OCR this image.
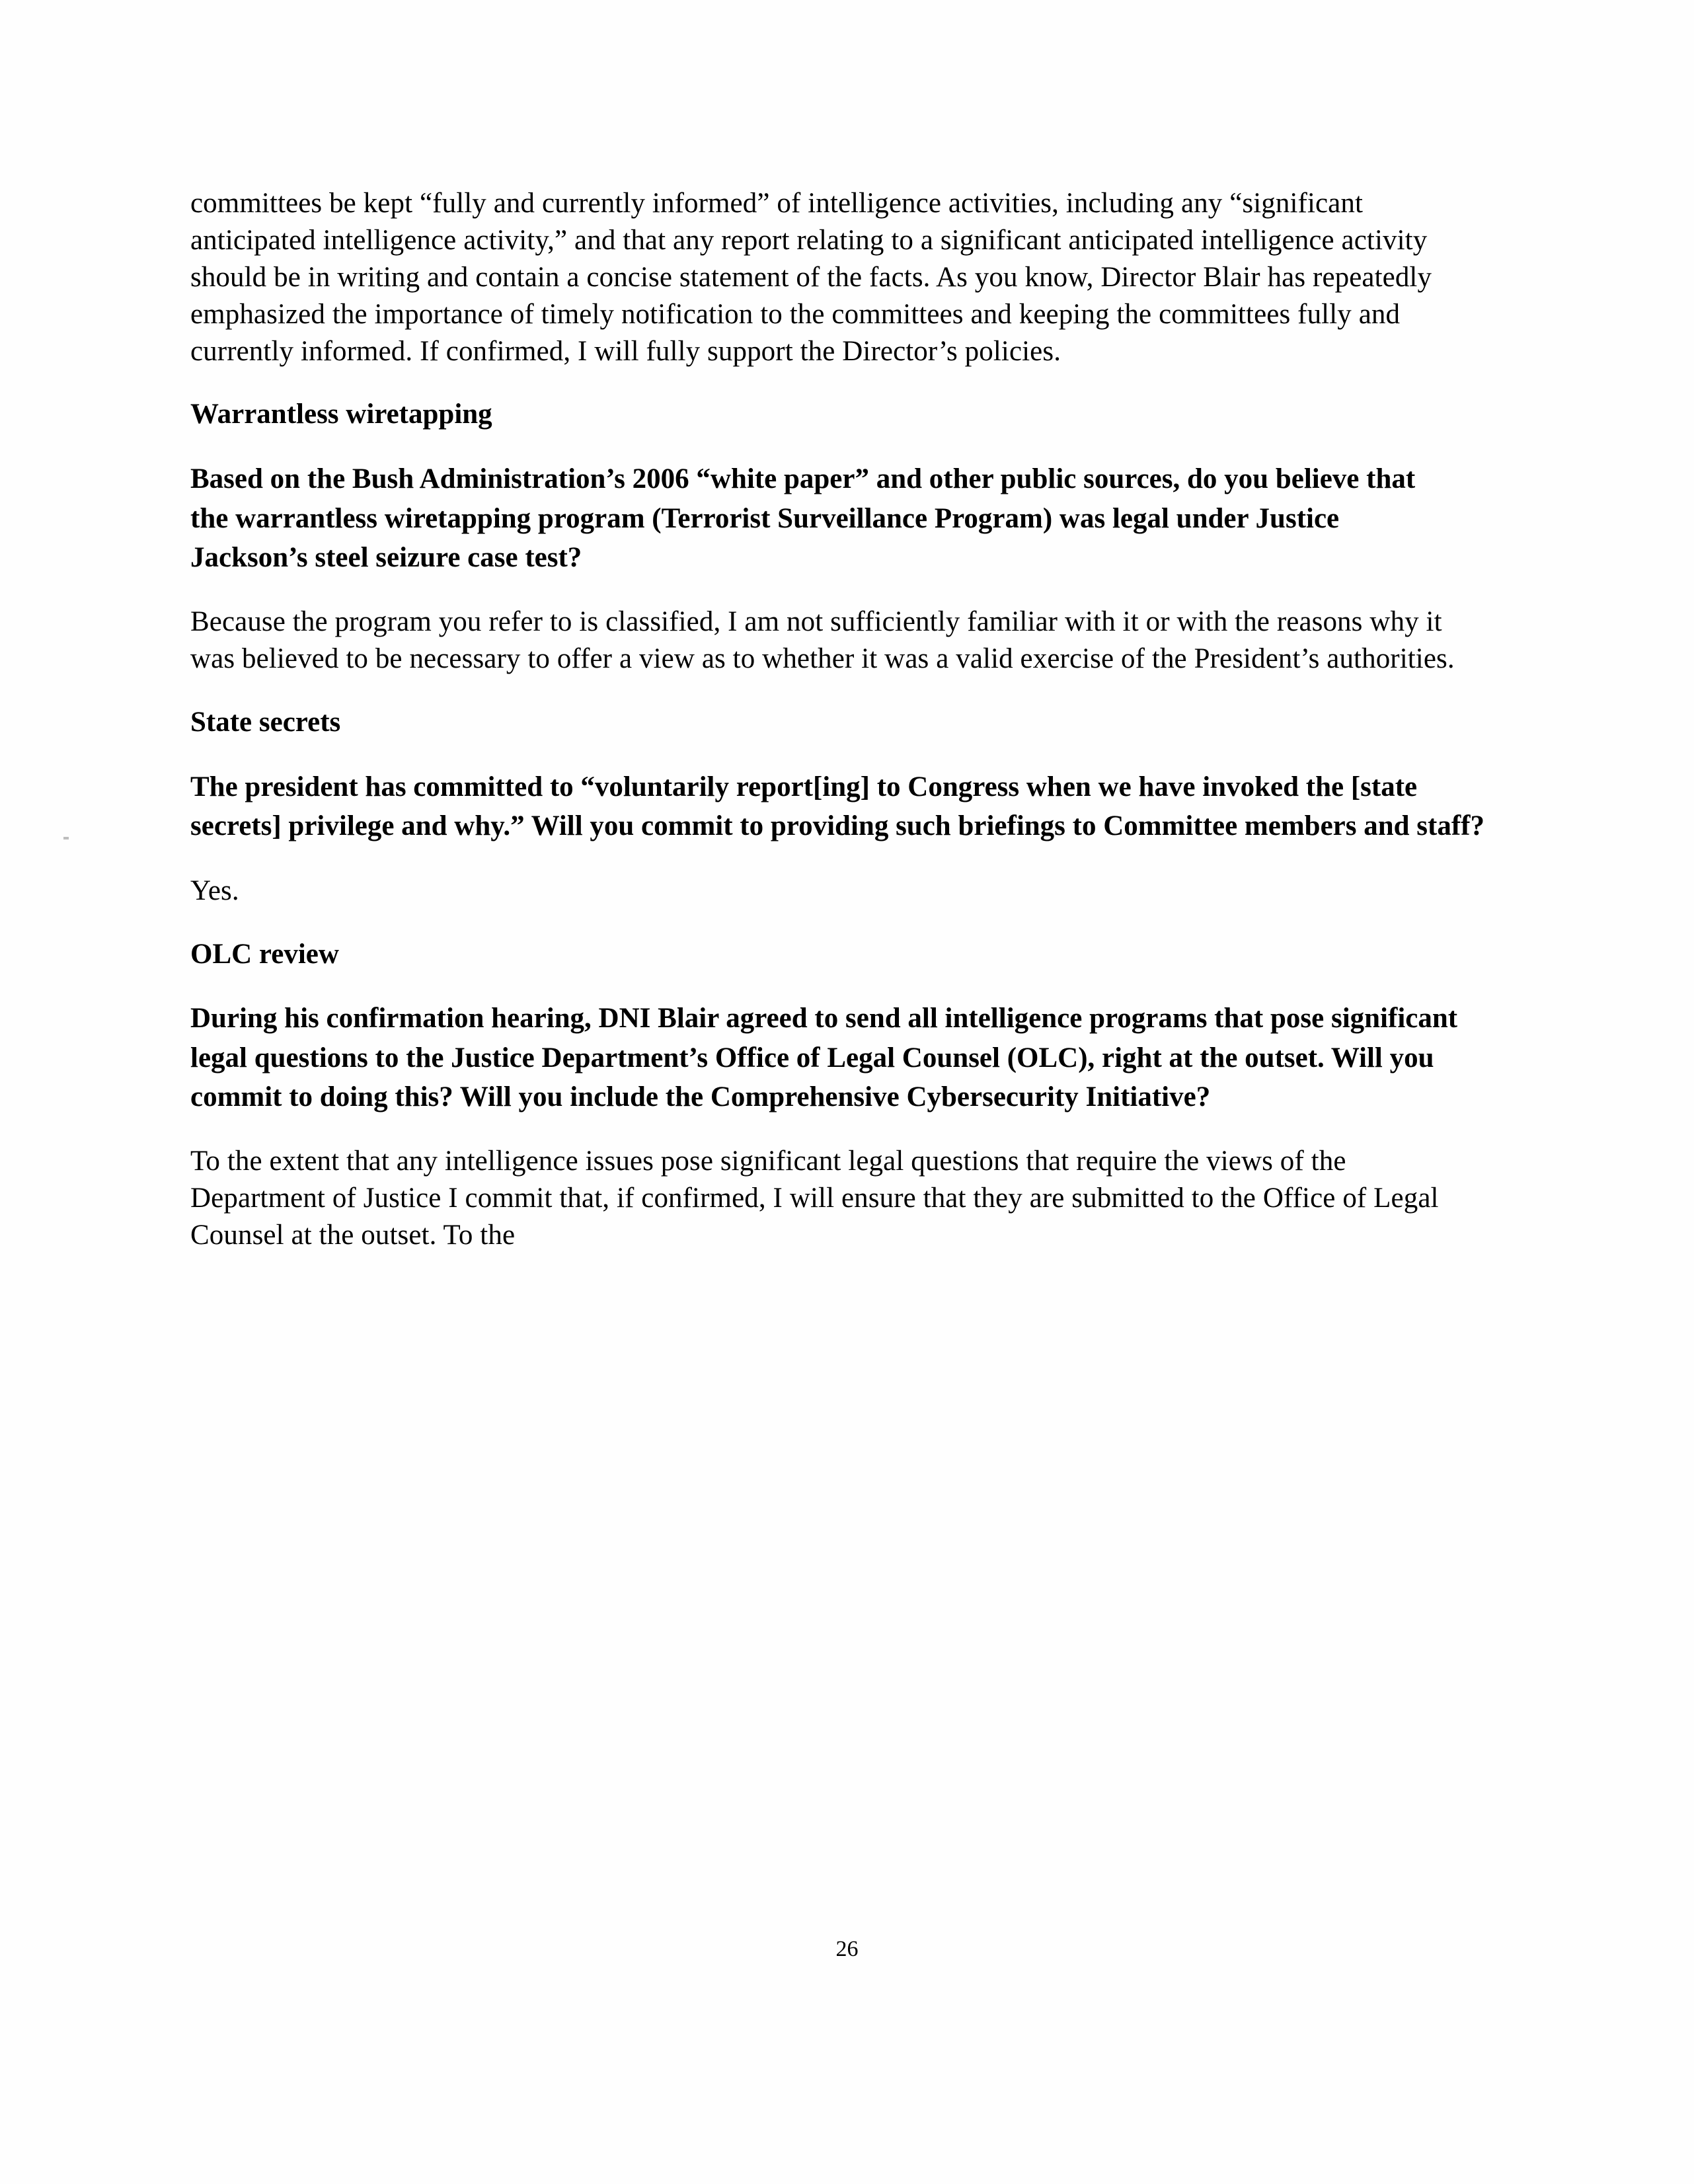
committees be kept “fully and currently informed” of intelligence activities, including any “significant anticipated intelligence activity,” and that any report relating to a significant anticipated intelligence activity should be in writing and contain a concise statement of the facts. As you know, Director Blair has repeatedly emphasized the importance of timely notification to the committees and keeping the committees fully and currently informed. If confirmed, I will fully support the Director’s policies.

Warrantless wiretapping

Based on the Bush Administration’s 2006 “white paper” and other public sources, do you believe that the warrantless wiretapping program (Terrorist Surveillance Program) was legal under Justice Jackson’s steel seizure case test?

Because the program you refer to is classified, I am not sufficiently familiar with it or with the reasons why it was believed to be necessary to offer a view as to whether it was a valid exercise of the President’s authorities.

State secrets

The president has committed to “voluntarily report[ing] to Congress when we have invoked the [state secrets] privilege and why.” Will you commit to providing such briefings to Committee members and staff?

Yes.

OLC review

During his confirmation hearing, DNI Blair agreed to send all intelligence programs that pose significant legal questions to the Justice Department’s Office of Legal Counsel (OLC), right at the outset. Will you commit to doing this? Will you include the Comprehensive Cybersecurity Initiative?

To the extent that any intelligence issues pose significant legal questions that require the views of the Department of Justice I commit that, if confirmed, I will ensure that they are submitted to the Office of Legal Counsel at the outset. To the

26
